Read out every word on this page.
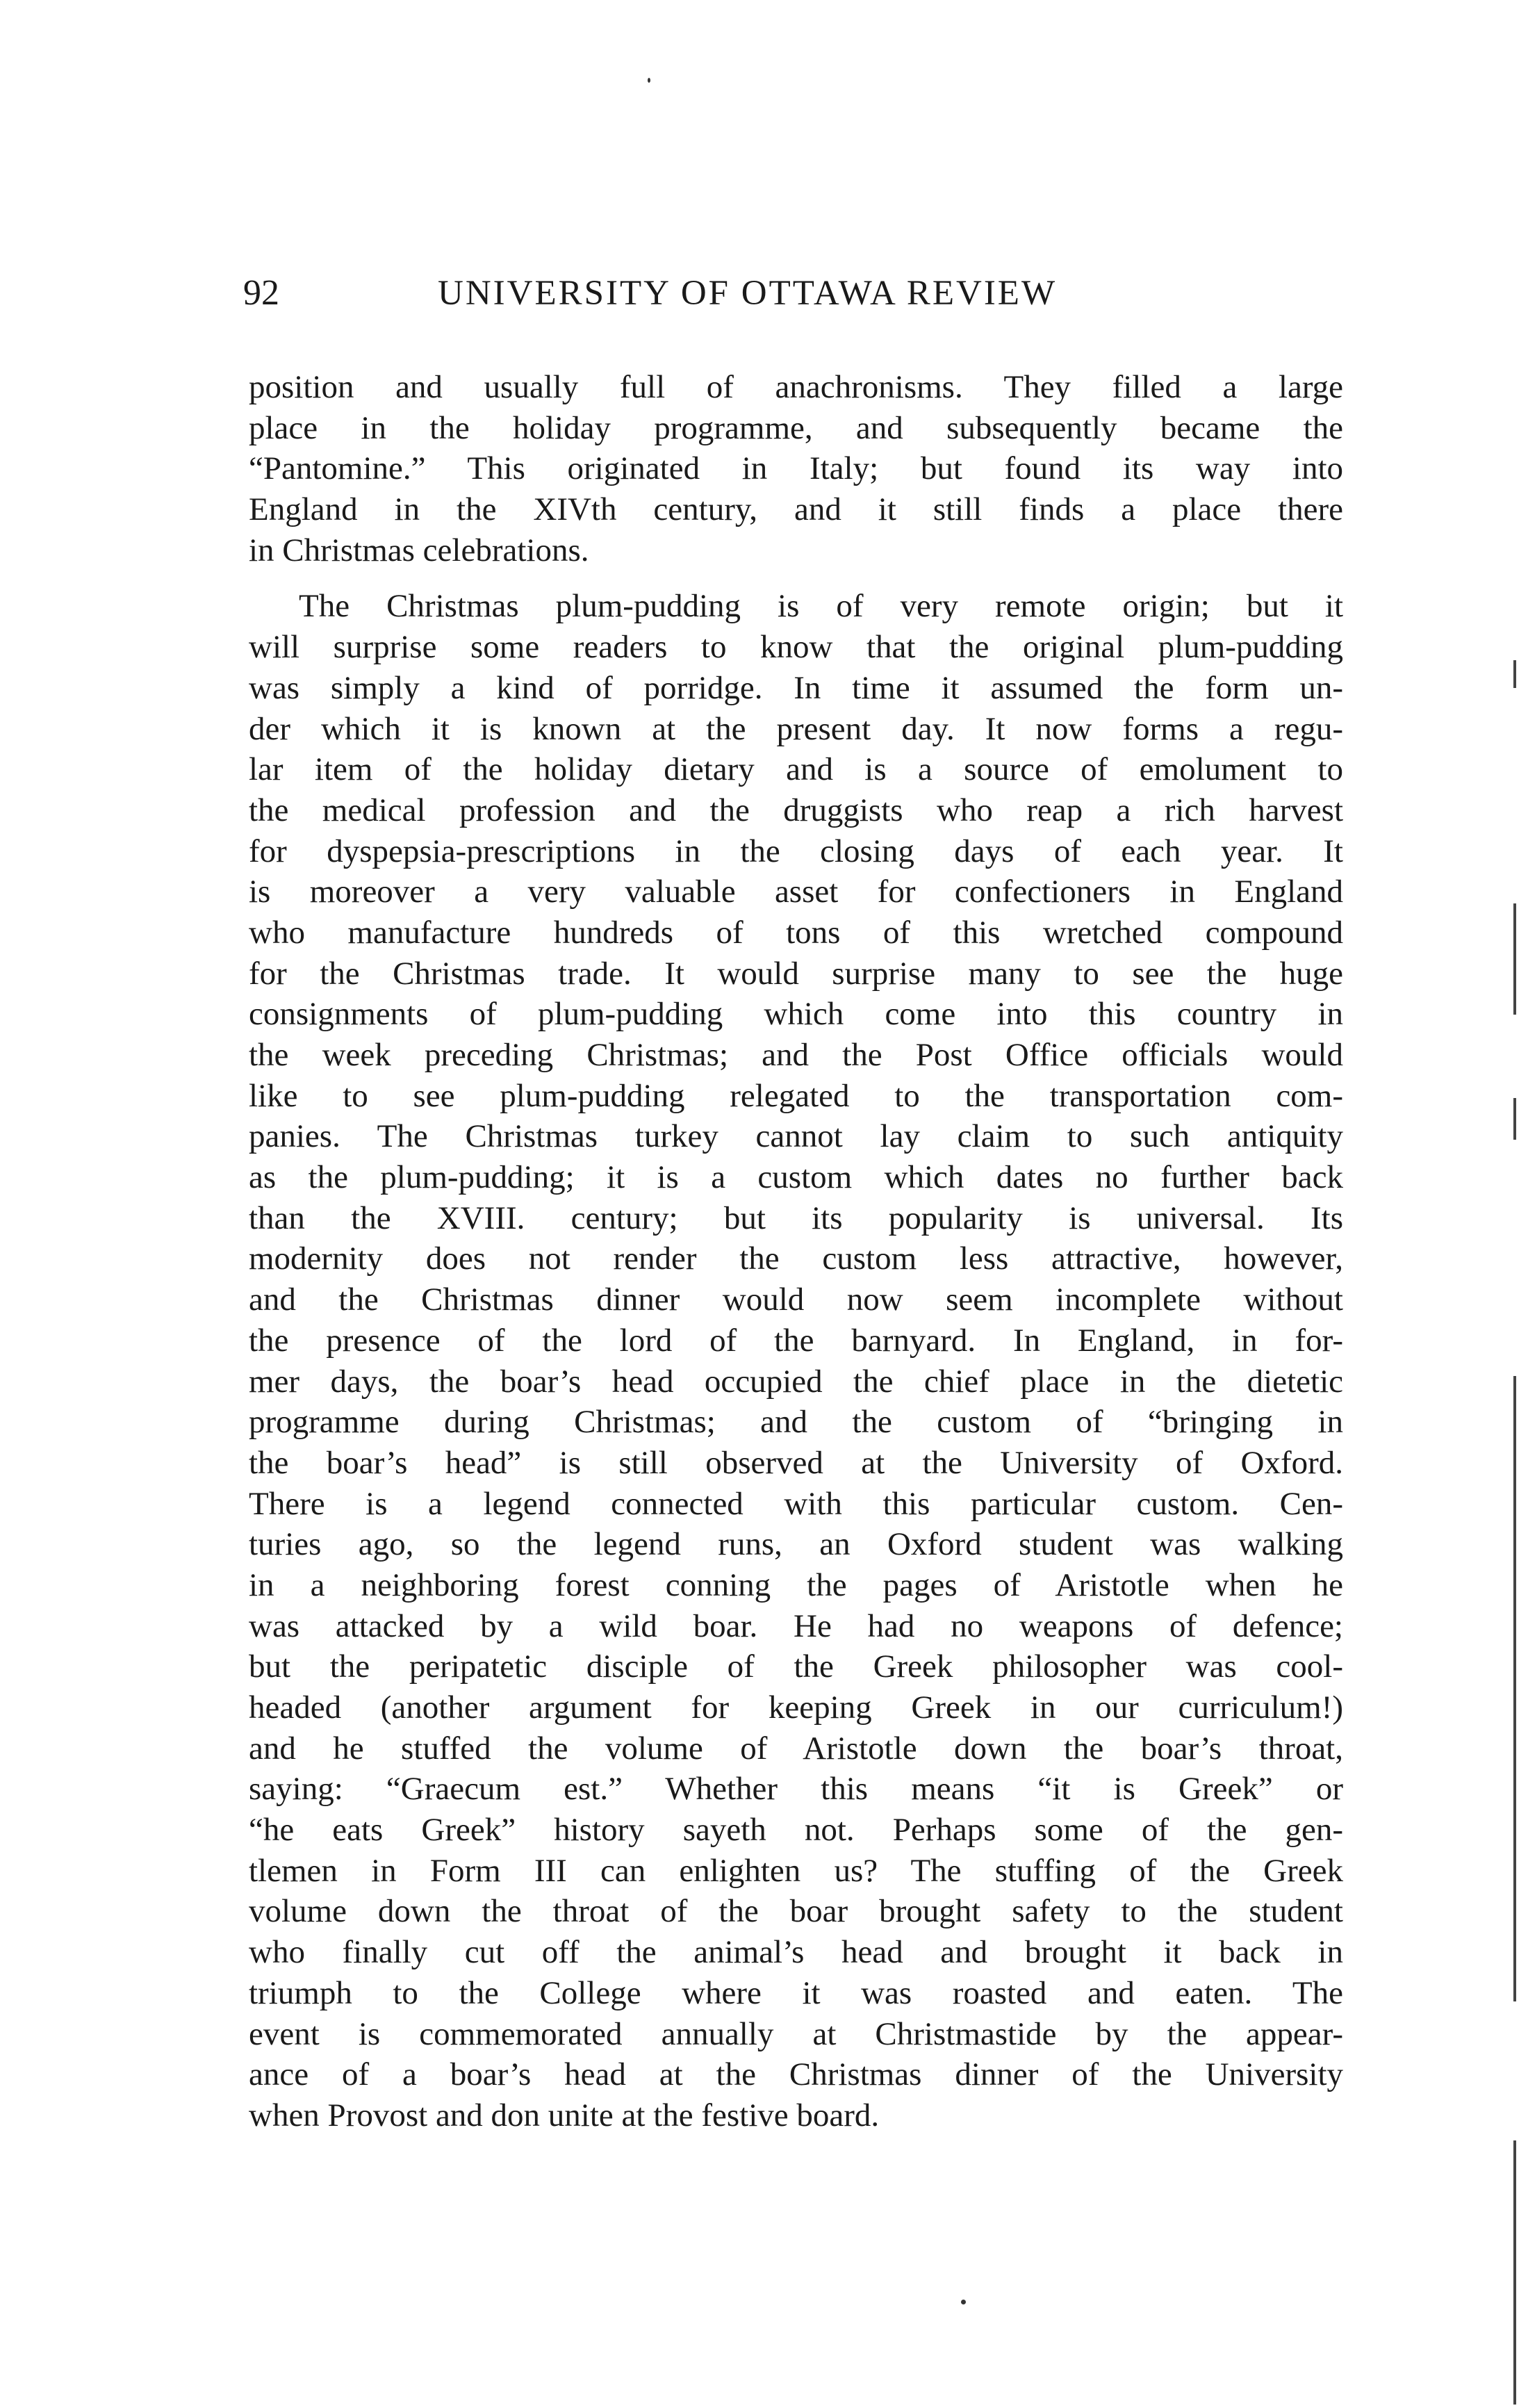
92	UNIVERSITY OF OTTAWA REVIEW
position and usually full of anachronisms. They filled a large
place in the holiday programme, and subsequently became the
“Pantomine.” This originated in Italy; but found its way into
England in the XIVth century, and it still finds a place there
in Christmas celebrations.
The Christmas plum-pudding is of very remote origin; but it
will surprise some readers to know that the original plum-pudding
was simply a kind of porridge. In time it assumed the form un-
der which it is known at the present day. It now forms a regu-
lar item of the holiday dietary and is a source of emolument to
the medical profession and the druggists who reap a rich harvest
for dyspepsia-prescriptions in the closing days of each year. It
is moreover a very valuable asset for confectioners in England
who manufacture hundreds of tons of this wretched compound
for the Christmas trade. It would surprise many to see the huge
consignments of plum-pudding which come into this country in
the week preceding Christmas; and the Post Office officials would
like to see plum-pudding relegated to the transportation com-
panies. The Christmas turkey cannot lay claim to such antiquity
as the plum-pudding; it is a custom which dates no further back
than the XVIII. century; but its popularity is universal. Its
modernity does not render the custom less attractive, however,
and the Christmas dinner would now seem incomplete without
the presence of the lord of the barnyard. In England, in for-
mer days, the boar’s head occupied the chief place in the dietetic
programme during Christmas; and the custom of “bringing in
the boar’s head” is still observed at the University of Oxford.
There is a legend connected with this particular custom. Cen-
turies ago, so the legend runs, an Oxford student was walking
in a neighboring forest conning the pages of Aristotle when he
was attacked by a wild boar. He had no weapons of defence;
but the peripatetic disciple of the Greek philosopher was cool-
headed (another argument for keeping Greek in our curriculum!)
and he stuffed the volume of Aristotle down the boar’s throat,
saying: “Graecum est.” Whether this means “it is Greek” or
“he eats Greek” history sayeth not. Perhaps some of the gen-
tlemen in Form III can enlighten us? The stuffing of the Greek
volume down the throat of the boar brought safety to the student
who finally cut off the animal’s head and brought it back in
triumph to the College where it was roasted and eaten. The
event is commemorated annually at Christmastide by the appear-
ance of a boar’s head at the Christmas dinner of the University
when Provost and don unite at the festive board.
